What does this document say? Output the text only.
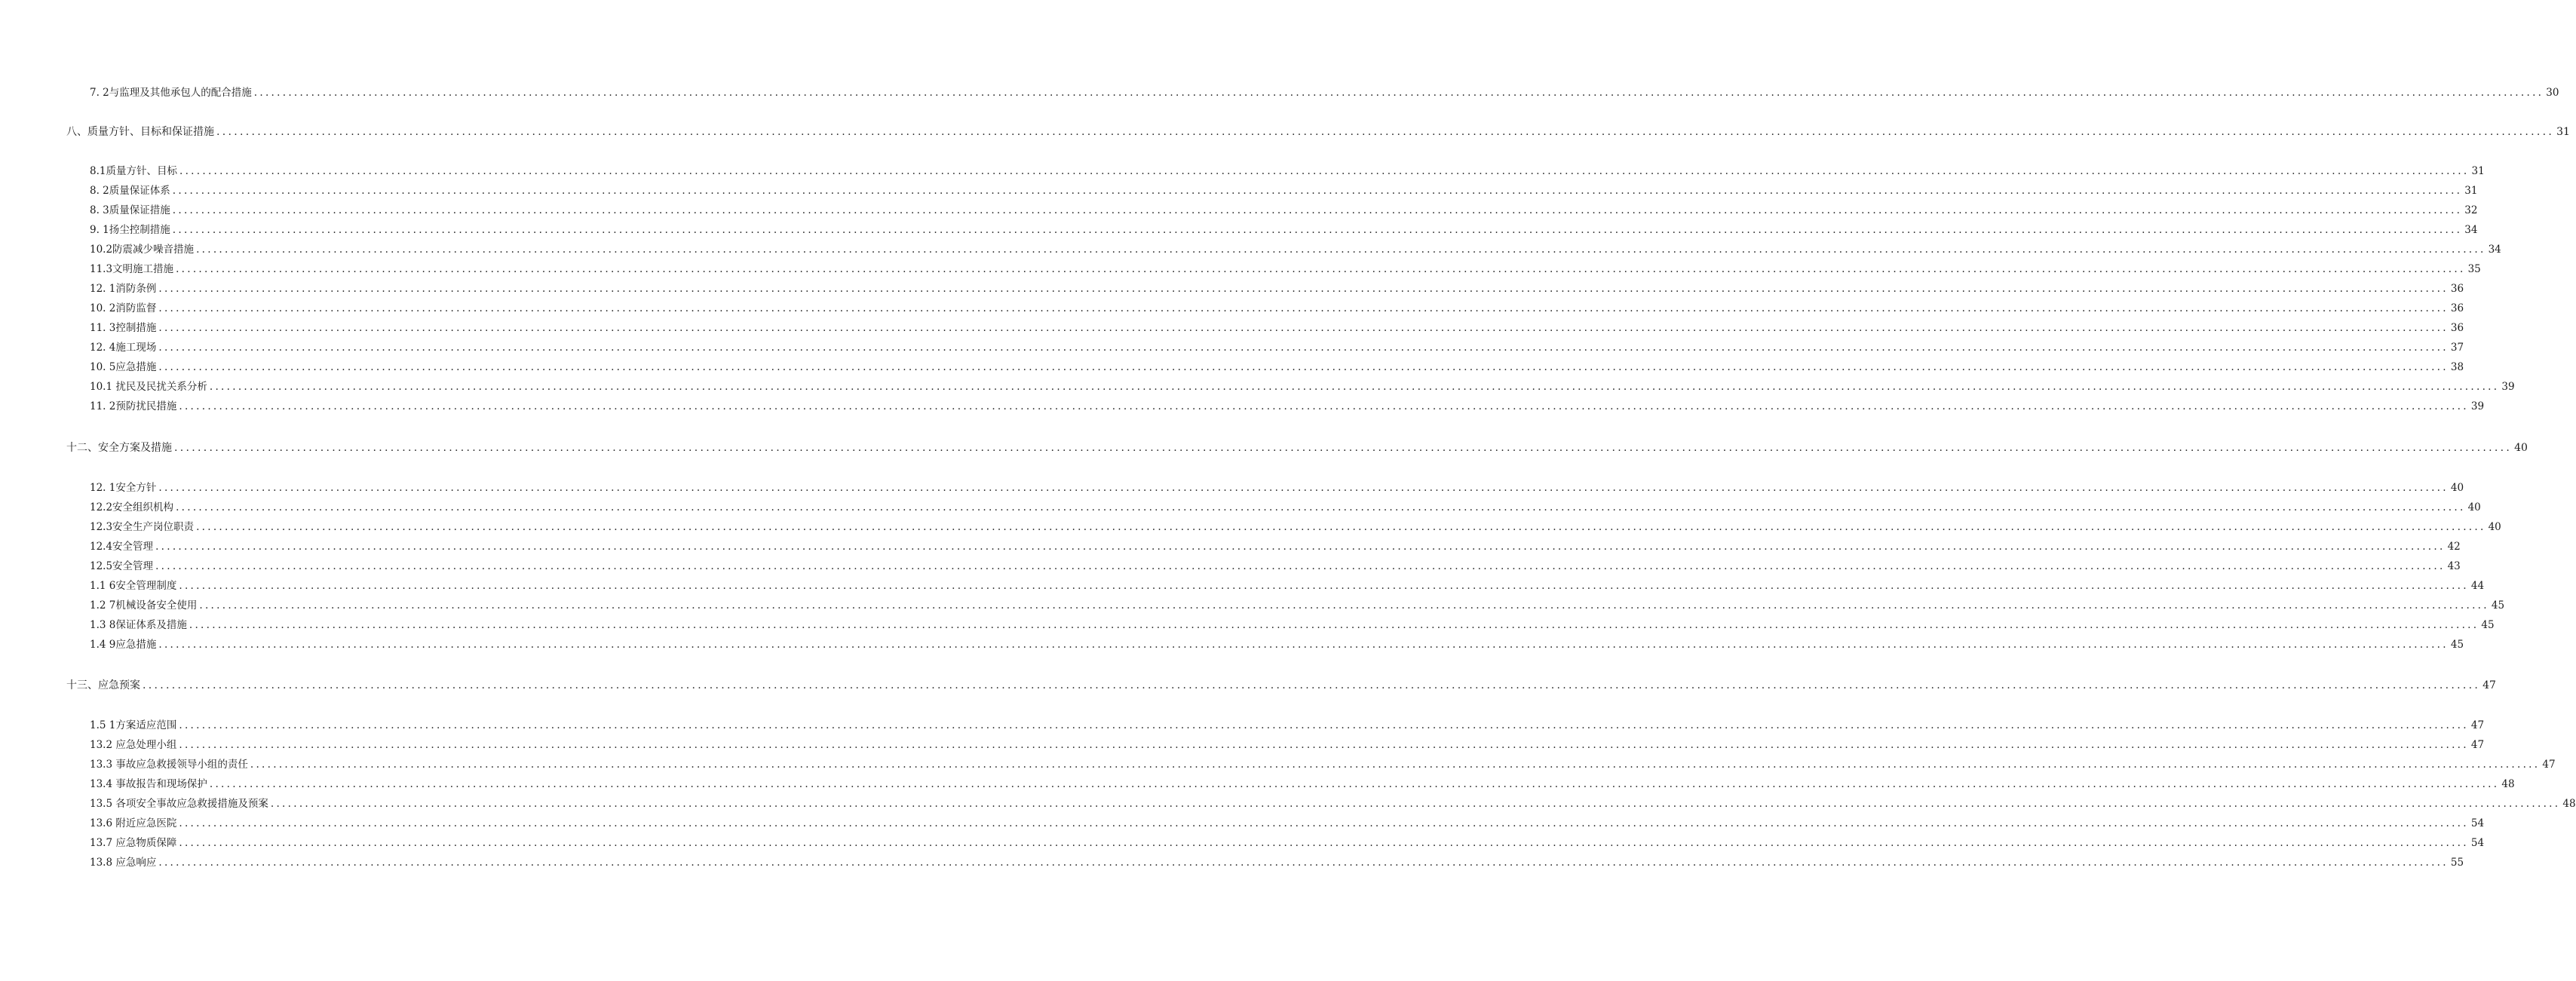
7. 2与监理及其他承包人的配合措施 ................................................................................................................................................................................................................................................................................................................................................................................................................ 30
八、质量方针、目标和保证措施 ................................................................................................................................................................................................................................................................................................................................................................................................................ 31
8.1质量方针、目标 ................................................................................................................................................................................................................................................................................................................................................................................................................ 31
8. 2质量保证体系 ................................................................................................................................................................................................................................................................................................................................................................................................................ 31
8. 3质量保证措施 ................................................................................................................................................................................................................................................................................................................................................................................................................ 32
9. 1扬尘控制措施 ................................................................................................................................................................................................................................................................................................................................................................................................................ 34
10.2防震减少噪音措施 ................................................................................................................................................................................................................................................................................................................................................................................................................ 34
11.3文明施工措施 ................................................................................................................................................................................................................................................................................................................................................................................................................ 35
12. 1消防条例 ................................................................................................................................................................................................................................................................................................................................................................................................................ 36
10. 2消防监督 ................................................................................................................................................................................................................................................................................................................................................................................................................ 36
11. 3控制措施 ................................................................................................................................................................................................................................................................................................................................................................................................................ 36
12. 4施工现场 ................................................................................................................................................................................................................................................................................................................................................................................................................ 37
10. 5应急措施 ................................................................................................................................................................................................................................................................................................................................................................................................................ 38
10.1 扰民及民扰关系分析 ................................................................................................................................................................................................................................................................................................................................................................................................................ 39
11. 2预防扰民措施 ................................................................................................................................................................................................................................................................................................................................................................................................................ 39
十二、安全方案及措施 ................................................................................................................................................................................................................................................................................................................................................................................................................ 40
12. 1安全方针 ................................................................................................................................................................................................................................................................................................................................................................................................................ 40
12.2安全组织机构 ................................................................................................................................................................................................................................................................................................................................................................................................................ 40
12.3安全生产岗位职责 ................................................................................................................................................................................................................................................................................................................................................................................................................ 40
12.4安全管理 ................................................................................................................................................................................................................................................................................................................................................................................................................ 42
12.5安全管理 ................................................................................................................................................................................................................................................................................................................................................................................................................ 43
1.1 6安全管理制度 ................................................................................................................................................................................................................................................................................................................................................................................................................ 44
1.2 7机械设备安全使用 ................................................................................................................................................................................................................................................................................................................................................................................................................ 45
1.3 8保证体系及措施 ................................................................................................................................................................................................................................................................................................................................................................................................................ 45
1.4 9应急措施 ................................................................................................................................................................................................................................................................................................................................................................................................................ 45
十三、应急预案 ................................................................................................................................................................................................................................................................................................................................................................................................................ 47
1.5 1方案适应范围 ................................................................................................................................................................................................................................................................................................................................................................................................................ 47
13.2 应急处理小组 ................................................................................................................................................................................................................................................................................................................................................................................................................ 47
13.3 事故应急救援领导小组的责任 ................................................................................................................................................................................................................................................................................................................................................................................................................ 47
13.4 事故报告和现场保护 ................................................................................................................................................................................................................................................................................................................................................................................................................ 48
13.5 各项安全事故应急救援措施及预案 ................................................................................................................................................................................................................................................................................................................................................................................................................ 48
13.6 附近应急医院 ................................................................................................................................................................................................................................................................................................................................................................................................................ 54
13.7 应急物质保障 ................................................................................................................................................................................................................................................................................................................................................................................................................ 54
13.8 应急响应 ................................................................................................................................................................................................................................................................................................................................................................................................................ 55
